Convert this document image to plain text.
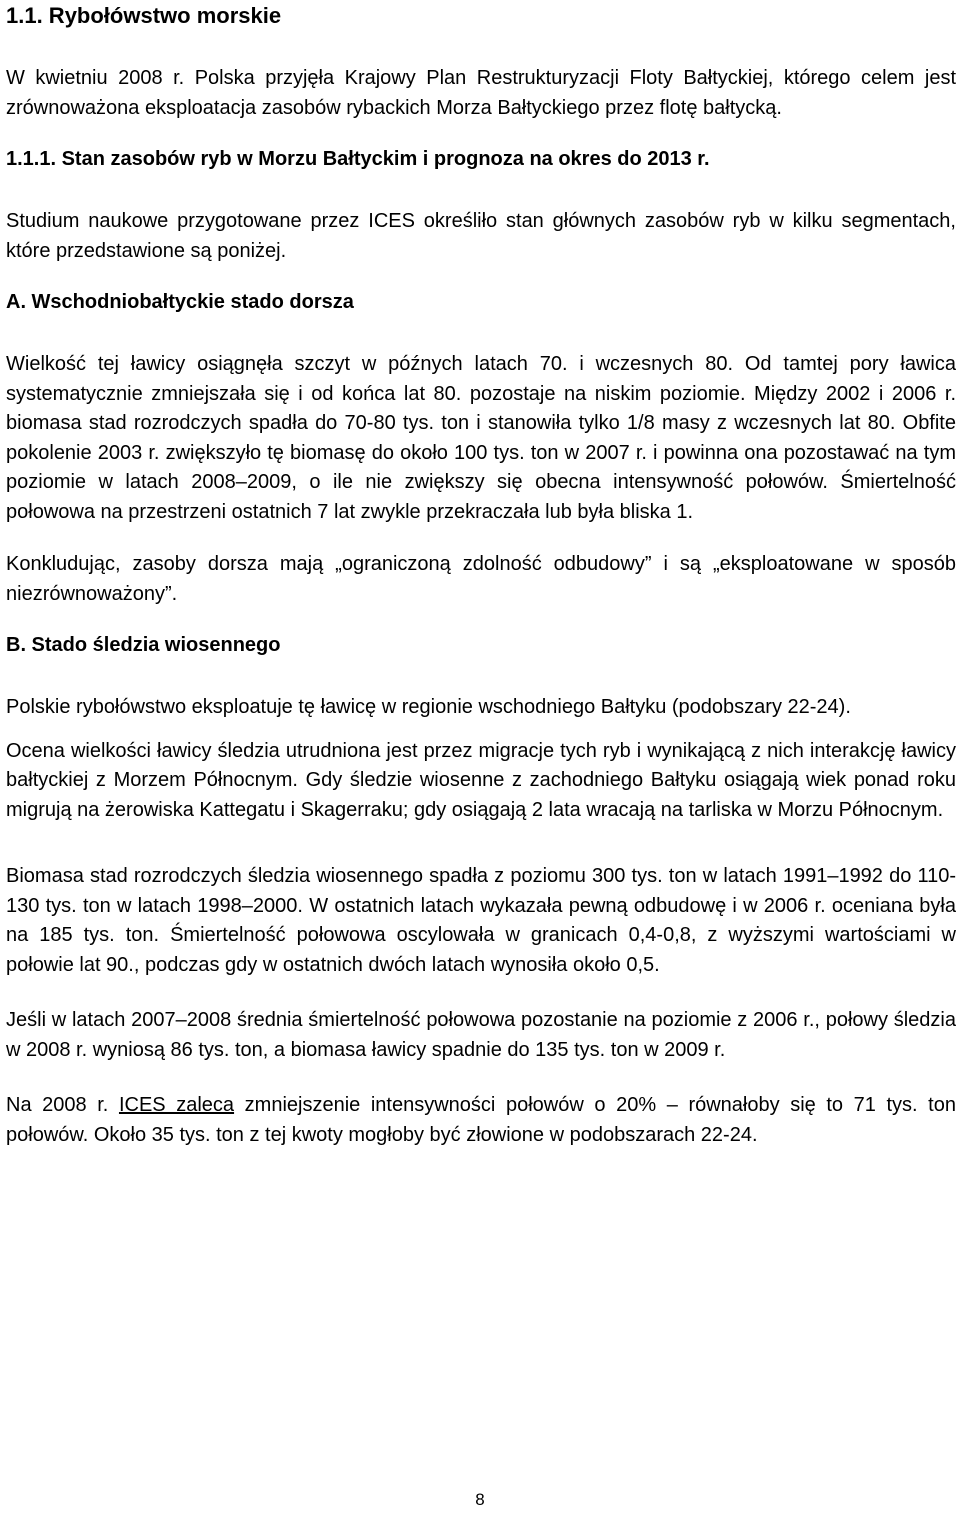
1.1. Rybołówstwo morskie

W kwietniu 2008 r. Polska przyjęła Krajowy Plan Restrukturyzacji Floty Bałtyckiej, którego celem jest zrównoważona eksploatacja zasobów rybackich Morza Bałtyckiego przez flotę bałtycką.

1.1.1. Stan zasobów ryb w Morzu Bałtyckim i prognoza na okres do 2013 r.

Studium naukowe przygotowane przez ICES określiło stan głównych zasobów ryb w kilku segmentach, które przedstawione są poniżej.

A. Wschodniobałtyckie stado dorsza

Wielkość tej ławicy osiągnęła szczyt w późnych latach 70. i wczesnych 80. Od tamtej pory ławica systematycznie zmniejszała się i od końca lat 80. pozostaje na niskim poziomie. Między 2002 i 2006 r. biomasa stad rozrodczych spadła do 70-80 tys. ton i stanowiła tylko 1/8 masy z wczesnych lat 80. Obfite pokolenie 2003 r. zwiększyło tę biomasę do około 100 tys. ton w 2007 r. i powinna ona pozostawać na tym poziomie w latach 2008–2009, o ile nie zwiększy się obecna intensywność połowów. Śmiertelność połowowa na przestrzeni ostatnich 7 lat zwykle przekraczała lub była bliska 1.

Konkludując, zasoby dorsza mają „ograniczoną zdolność odbudowy” i są „eksploatowane w sposób niezrównoważony”.

B. Stado śledzia wiosennego

Polskie rybołówstwo eksploatuje tę ławicę w regionie wschodniego Bałtyku (podobszary 22-24).

Ocena wielkości ławicy śledzia utrudniona jest przez migracje tych ryb i wynikającą z nich interakcję ławicy bałtyckiej z Morzem Północnym. Gdy śledzie wiosenne z zachodniego Bałtyku osiągają wiek ponad roku migrują na żerowiska Kattegatu i Skagerraku; gdy osiągają 2 lata wracają na tarliska w Morzu Północnym.

Biomasa stad rozrodczych śledzia wiosennego spadła z poziomu 300 tys. ton w latach 1991–1992 do 110-130 tys. ton w latach 1998–2000. W ostatnich latach wykazała pewną odbudowę i w 2006 r. oceniana była na 185 tys. ton. Śmiertelność połowowa oscylowała w granicach 0,4-0,8, z wyższymi wartościami w połowie lat 90., podczas gdy w ostatnich dwóch latach wynosiła około 0,5.

Jeśli w latach 2007–2008 średnia śmiertelność połowowa pozostanie na poziomie z 2006 r., połowy śledzia w 2008 r. wyniosą 86 tys. ton, a biomasa ławicy spadnie do 135 tys. ton w 2009 r.

Na 2008 r. ICES zaleca zmniejszenie intensywności połowów o 20% – równałoby się to 71 tys. ton połowów. Około 35 tys. ton z tej kwoty mogłoby być złowione w podobszarach 22-24.

8
